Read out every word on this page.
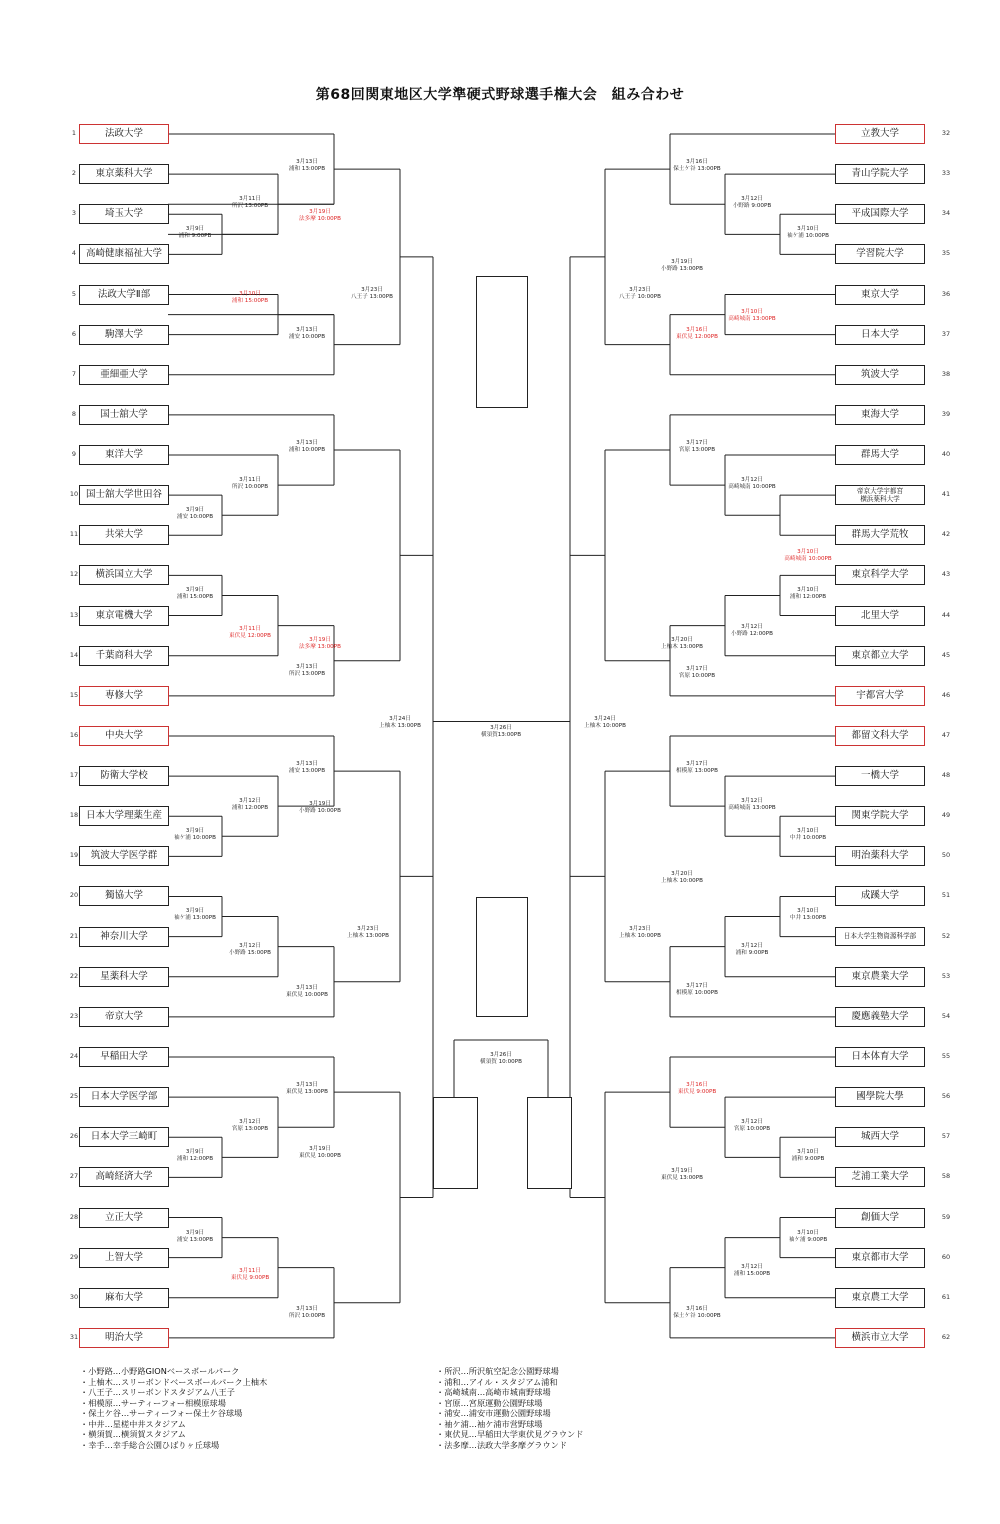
第68回関東地区大学準硬式野球選手権大会　組み合わせ
法政大学
1
東京薬科大学
2
埼玉大学
3
高崎健康福祉大学
4
法政大学Ⅱ部
5
駒澤大学
6
亜細亜大学
7
国士舘大学
8
東洋大学
9
国士舘大学世田谷
10
共栄大学
11
横浜国立大学
12
東京電機大学
13
千葉商科大学
14
専修大学
15
中央大学
16
防衛大学校
17
日本大学理薬生産
18
筑波大学医学群
19
獨協大学
20
神奈川大学
21
星薬科大学
22
帝京大学
23
早稲田大学
24
日本大学医学部
25
日本大学三崎町
26
高崎経済大学
27
立正大学
28
上智大学
29
麻布大学
30
明治大学
31
立教大学	32
青山学院大学	33
平成国際大学	34
学習院大学	35
東京大学	36
日本大学	37
筑波大学	38
東海大学	39
群馬大学	40
帝京大学宇都宮
横浜薬科大学
41
群馬大学荒牧	42
東京科学大学	43
北里大学	44
東京都立大学	45
宇都宮大学	46
都留文科大学	47
一橋大学	48
関東学院大学	49
明治薬科大学	50
成蹊大学	51
日本大学生物資源科学部	52
東京農業大学	53
慶應義塾大学	54
日本体育大学	55
國學院大學	56
城西大学	57
芝浦工業大学	58
創価大学	59
東京都市大学	60
東京農工大学	61
横浜市立大学	62
3月9日
浦和 9:00PB
3月10日
浦和 15:00PB
3月9日
浦安 10:00PB
3月9日
浦和 15:00PB
3月11日
東伏見 12:00PB
3月9日
袖ケ浦 10:00PB
3月9日
袖ケ浦 13:00PB
3月9日
浦和 12:00PB
3月9日
浦安 13:00PB
3月11日
東伏見 9:00PB
3月11日
所沢 13:00PB
3月11日
所沢 10:00PB
3月12日
浦和 12:00PB
3月12日
小野路 15:00PB
3月12日
宮原 13:00PB
3月13日
浦和 13:00PB
3月13日
浦安 10:00PB
3月13日
浦和 10:00PB
3月13日
所沢 13:00PB
3月13日
浦安 13:00PB
3月13日
東伏見 10:00PB
3月13日
東伏見 13:00PB
3月13日
所沢 10:00PB
3月19日
法多摩 10:00PB
3月19日
法多摩 13:00PB
3月19日
小野路 10:00PB
3月19日
東伏見 10:00PB
3月23日
八王子 13:00PB
3月23日
上柚木 13:00PB
3月24日
上柚木 13:00PB	3月26日
横須賀13:00PB
3月26日
横須賀 10:00PB
3月24日
上柚木 10:00PB
3月23日
八王子 10:00PB
3月23日
上柚木 10:00PB
3月19日
小野路 13:00PB
3月20日
上柚木 13:00PB
3月20日
上柚木 10:00PB
3月19日
東伏見 13:00PB
3月16日
保土ケ谷 13:00PB
3月16日
東伏見 12:00PB
3月17日
宮原 13:00PB
3月17日
宮原 10:00PB
3月17日
相模原 13:00PB
3月17日
相模原 10:00PB
3月16日
東伏見 9:00PB
3月16日
保土ケ谷 10:00PB
3月12日
小野路 9:00PB
3月12日
高崎城南 10:00PB
3月12日
小野路 12:00PB
3月12日
高崎城南 13:00PB
3月12日
浦和 9:00PB
3月12日
宮原 10:00PB
3月12日
浦和 15:00PB
3月10日
袖ケ浦 10:00PB
3月10日
高崎城南 13:00PB
3月10日
高崎城南 10:00PB
3月10日
浦和 12:00PB
3月10日
中井 10:00PB
3月10日
中井 13:00PB
3月10日
浦和 9:00PB
3月10日
袖ケ浦 9:00PB
・小野路…小野路GIONベースボールパーク
・上柚木…スリーボンドベースボールパーク上柚木
・八王子…スリーボンドスタジアム八王子
・相模原…サーティーフォー相模原球場
・保土ケ谷…サーティーフォー保土ケ谷球場
・中井…星槎中井スタジアム
・横須賀…横須賀スタジアム
・幸手…幸手総合公園ひばりヶ丘球場
・所沢…所沢航空記念公園野球場
・浦和…アイル・スタジアム浦和
・高崎城南…高崎市城南野球場
・宮原…宮原運動公園野球場
・浦安…浦安市運動公園野球場
・袖ケ浦…袖ケ浦市営野球場
・東伏見…早稲田大学東伏見グラウンド
・法多摩…法政大学多摩グラウンド
